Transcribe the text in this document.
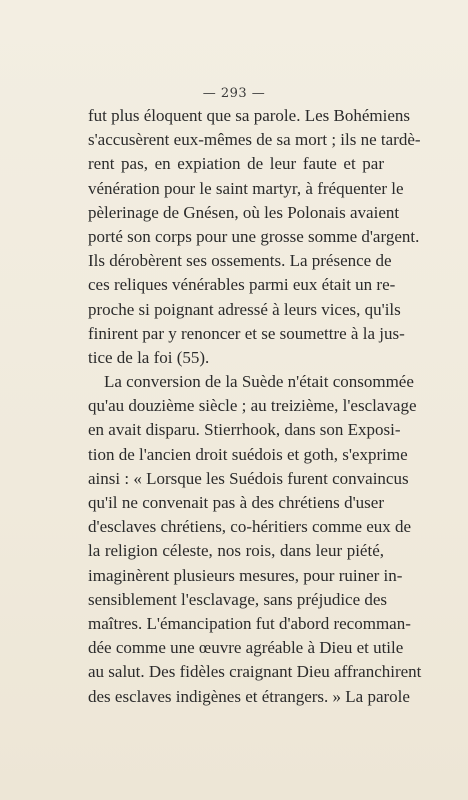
— 293 —
fut plus éloquent que sa parole. Les Bohémiens
s'accusèrent eux-mêmes de sa mort ; ils ne tardè-
rent pas, en expiation de leur faute et par
vénération pour le saint martyr, à fréquenter le
pèlerinage de Gnésen, où les Polonais avaient
porté son corps pour une grosse somme d'argent.
Ils dérobèrent ses ossements. La présence de
ces reliques vénérables parmi eux était un re-
proche si poignant adressé à leurs vices, qu'ils
finirent par y renoncer et se soumettre à la jus-
tice de la foi (55).
La conversion de la Suède n'était consommée
qu'au douzième siècle ; au treizième, l'esclavage
en avait disparu. Stierrhook, dans son Exposi-
tion de l'ancien droit suédois et goth, s'exprime
ainsi : « Lorsque les Suédois furent convaincus
qu'il ne convenait pas à des chrétiens d'user
d'esclaves chrétiens, co-héritiers comme eux de
la religion céleste, nos rois, dans leur piété,
imaginèrent plusieurs mesures, pour ruiner in-
sensiblement l'esclavage, sans préjudice des
maîtres. L'émancipation fut d'abord recomman-
dée comme une œuvre agréable à Dieu et utile
au salut. Des fidèles craignant Dieu affranchirent
des esclaves indigènes et étrangers. » La parole
